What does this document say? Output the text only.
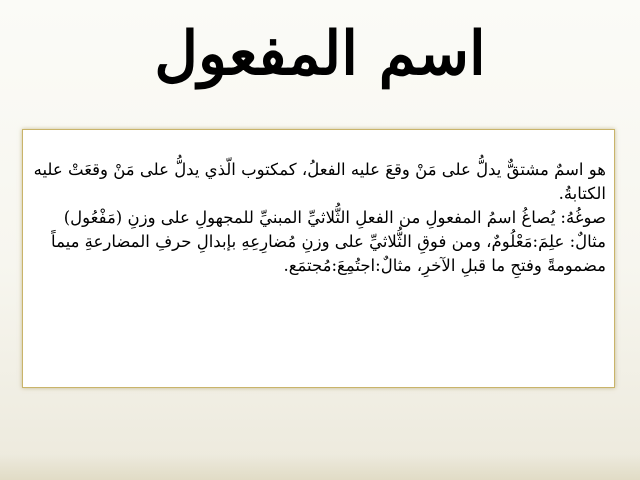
اسم المفعول
هو اسمٌ مشتقٌّ يدلُّ على مَنْ وقعَ عليه الفعلُ، كمكتوب الّذي يدلُّ على مَنْ وقعَتْ عليه الكتابةُ.
صوغُهُ: يُصاغُ اسمُ المفعولِ من الفعلِ الثُّلاثيِّ المبنيِّ للمجهولِ على وزنِ (مَفْعُول) مثالٌ: علِمَ:مَعْلُومٌ، ومن فوقِ الثُّلاثيِّ على وزنِ مُضارِعِهِ بإبدالِ حرفِ المضارعةِ ميماً مضمومةً وفتحِ ما قبلِ الآخرِ، مثالٌ:اجتُمِعَ:مُجتمَع.
